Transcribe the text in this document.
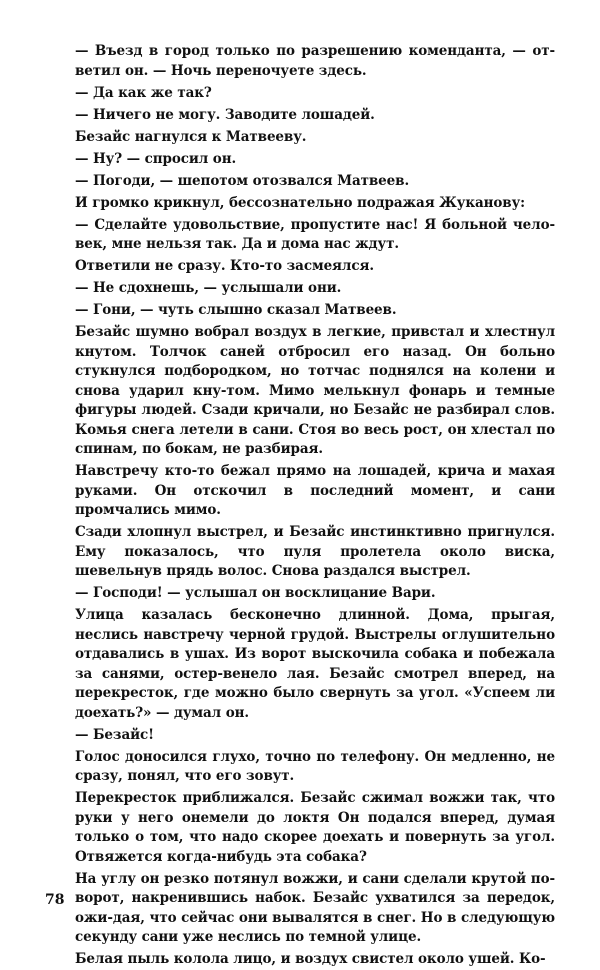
— Въезд в город только по разрешению коменданта, — от-ветил он. — Ночь переночуете здесь.

— Да как же так?

— Ничего не могу. Заводите лошадей.

Безайс нагнулся к Матвееву.

— Ну? — спросил он.

— Погоди, — шепотом отозвался Матвеев.

И громко крикнул, бессознательно подражая Жуканову:

— Сделайте удовольствие, пропустите нас! Я больной чело-век, мне нельзя так. Да и дома нас ждут.

Ответили не сразу. Кто-то засмеялся.

— Не сдохнешь, — услышали они.

— Гони, — чуть слышно сказал Матвеев.

Безайс шумно вобрал воздух в легкие, привстал и хлестнул кнутом. Толчок саней отбросил его назад. Он больно стукнулся подбородком, но тотчас поднялся на колени и снова ударил кну-том. Мимо мелькнул фонарь и темные фигуры людей. Сзади кричали, но Безайс не разбирал слов. Комья снега летели в сани. Стоя во весь рост, он хлестал по спинам, по бокам, не разбирая.

Навстречу кто-то бежал прямо на лошадей, крича и махая руками. Он отскочил в последний момент, и сани промчались мимо.

Сзади хлопнул выстрел, и Безайс инстинктивно пригнулся. Ему показалось, что пуля пролетела около виска, шевельнув прядь волос. Снова раздался выстрел.

— Господи! — услышал он восклицание Вари.

Улица казалась бесконечно длинной. Дома, прыгая, неслись навстречу черной грудой. Выстрелы оглушительно отдавались в ушах. Из ворот выскочила собака и побежала за санями, остер-венело лая. Безайс смотрел вперед, на перекресток, где можно было свернуть за угол. «Успеем ли доехать?» — думал он.

— Безайс!

Голос доносился глухо, точно по телефону. Он медленно, не сразу, понял, что его зовут.

Перекресток приближался. Безайс сжимал вожжи так, что руки у него онемели до локтя Он подался вперед, думая только о том, что надо скорее доехать и повернуть за угол. Отвяжется когда-нибудь эта собака?

На углу он резко потянул вожжи, и сани сделали крутой по-ворот, накренившись набок. Безайс ухватился за передок, ожи-дая, что сейчас они вывалятся в снег. Но в следующую секунду сани уже неслись по темной улице.

Белая пыль колола лицо, и воздух свистел около ушей. Ко-

78
